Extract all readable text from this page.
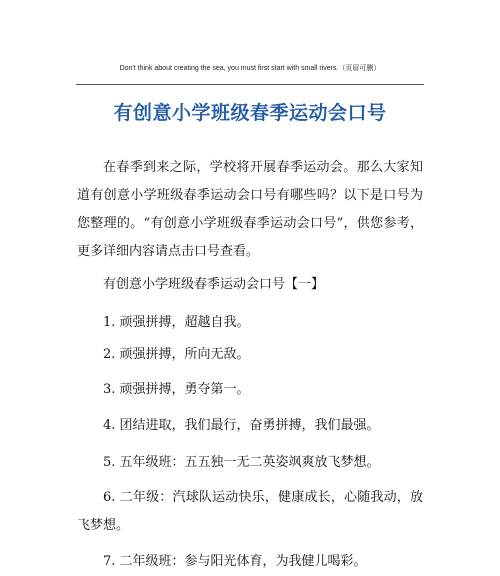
Don't think about creating the sea, you must first start with small rivers.（页眉可删）
有创意小学班级春季运动会口号

在春季到来之际，学校将开展春季运动会。那么大家知道有创意小学班级春季运动会口号有哪些吗？以下是口号为您整理的。“有创意小学班级春季运动会口号”，供您参考，更多详细内容请点击口号查看。

有创意小学班级春季运动会口号【一】
1. 顽强拼搏，超越自我。
2. 顽强拼搏，所向无敌。
3. 顽强拼搏，勇夺第一。
4. 团结进取，我们最行，奋勇拼搏，我们最强。
5. 五年级班：五五独一无二英姿飒爽放飞梦想。
6. 二年级：汽球队运动快乐，健康成长，心随我动，放飞梦想。
7. 二年级班：参与阳光体育，为我健儿喝彩。
